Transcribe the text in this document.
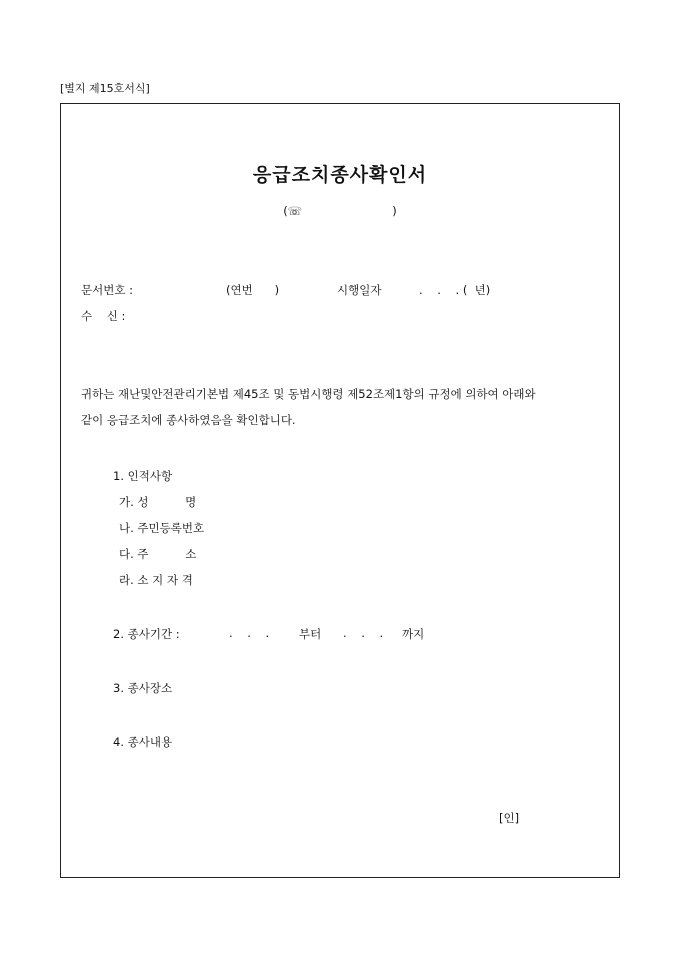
[별지 제15호서식]
응급조치종사확인서
(☏	)
문서번호 :	(연번      )	시행일자	.    .    . (  년)
수    신 :
귀하는 재난및안전관리기본법 제45조 및 동법시행령 제52조제1항의 규정에 의하여 아래와
같이 응급조치에 종사하였음을 확인합니다.
1. 인적사항
가. 성          명
나. 주민등록번호
다. 주          소
라. 소 지 자 격
2. 종사기간 :	.    .    .	부터 .    .    . 까지
3. 종사장소
4. 종사내용
[인]
